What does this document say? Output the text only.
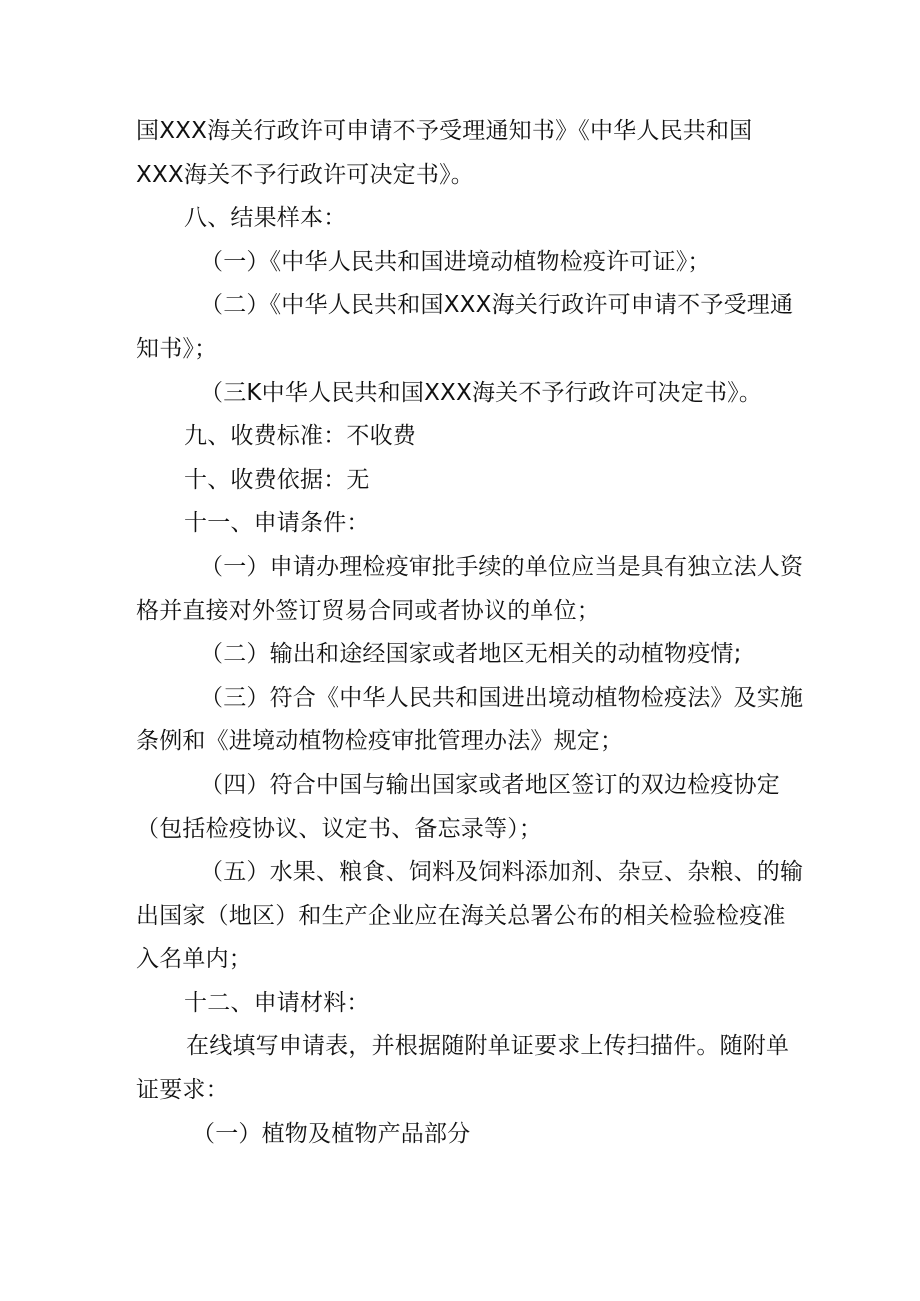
国XXX海关行政许可申请不予受理通知书》《中华人民共和国
XXX海关不予行政许可决定书》。
八、结果样本：
（一）《中华人民共和国进境动植物检疫许可证》；
（二）《中华人民共和国XXX海关行政许可申请不予受理通
知书》；
（三K中华人民共和国XXX海关不予行政许可决定书》。
九、收费标准：不收费
十、收费依据：无
十一、申请条件：
（一）申请办理检疫审批手续的单位应当是具有独立法人资
格并直接对外签订贸易合同或者协议的单位；
（二）输出和途经国家或者地区无相关的动植物疫情;
（三）符合《中华人民共和国进出境动植物检疫法》及实施
条例和《进境动植物检疫审批管理办法》规定；
（四）符合中国与输出国家或者地区签订的双边检疫协定
（包括检疫协议、议定书、备忘录等）；
（五）水果、粮食、饲料及饲料添加剂、杂豆、杂粮、的输
出国家（地区）和生产企业应在海关总署公布的相关检验检疫准
入名单内；
十二、申请材料：
在线填写申请表，并根据随附单证要求上传扫描件。随附单
证要求：
（一）植物及植物产品部分
